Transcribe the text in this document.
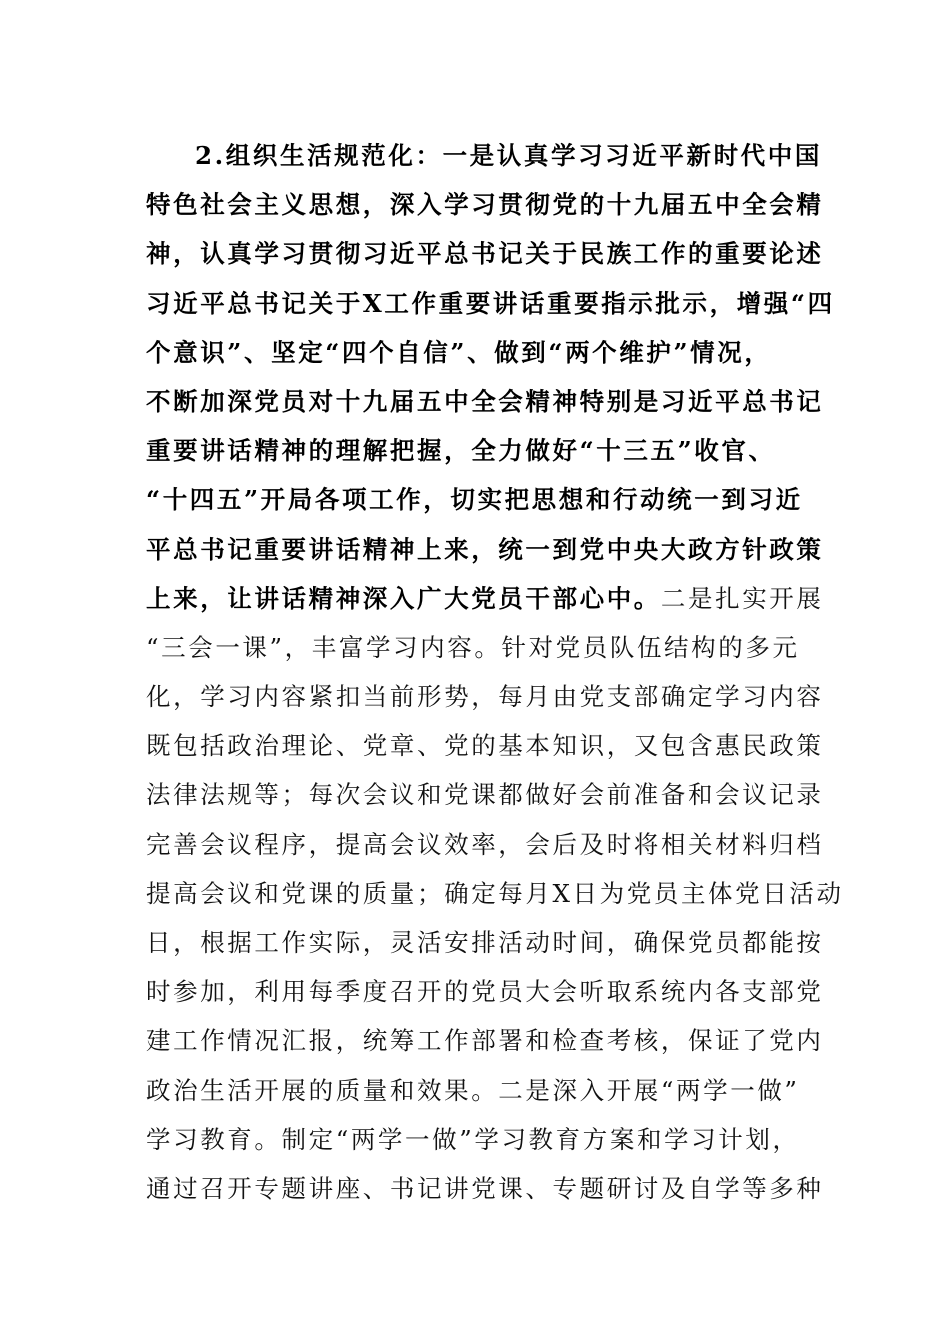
2.组织生活规范化：一是认真学习习近平新时代中国
特色社会主义思想，深入学习贯彻党的十九届五中全会精
神，认真学习贯彻习近平总书记关于民族工作的重要论述
习近平总书记关于X工作重要讲话重要指示批示，增强“四
个意识”、坚定“四个自信”、做到“两个维护”情况，
不断加深党员对十九届五中全会精神特别是习近平总书记
重要讲话精神的理解把握，全力做好“十三五”收官、
“十四五”开局各项工作，切实把思想和行动统一到习近
平总书记重要讲话精神上来，统一到党中央大政方针政策
上来，让讲话精神深入广大党员干部心中。二是扎实开展
“三会一课”，丰富学习内容。针对党员队伍结构的多元
化，学习内容紧扣当前形势，每月由党支部确定学习内容
既包括政治理论、党章、党的基本知识，又包含惠民政策
法律法规等；每次会议和党课都做好会前准备和会议记录
完善会议程序，提高会议效率，会后及时将相关材料归档
提高会议和党课的质量；确定每月X日为党员主体党日活动
日，根据工作实际，灵活安排活动时间，确保党员都能按
时参加，利用每季度召开的党员大会听取系统内各支部党
建工作情况汇报，统筹工作部署和检查考核，保证了党内
政治生活开展的质量和效果。二是深入开展“两学一做”
学习教育。制定“两学一做”学习教育方案和学习计划，
通过召开专题讲座、书记讲党课、专题研讨及自学等多种
